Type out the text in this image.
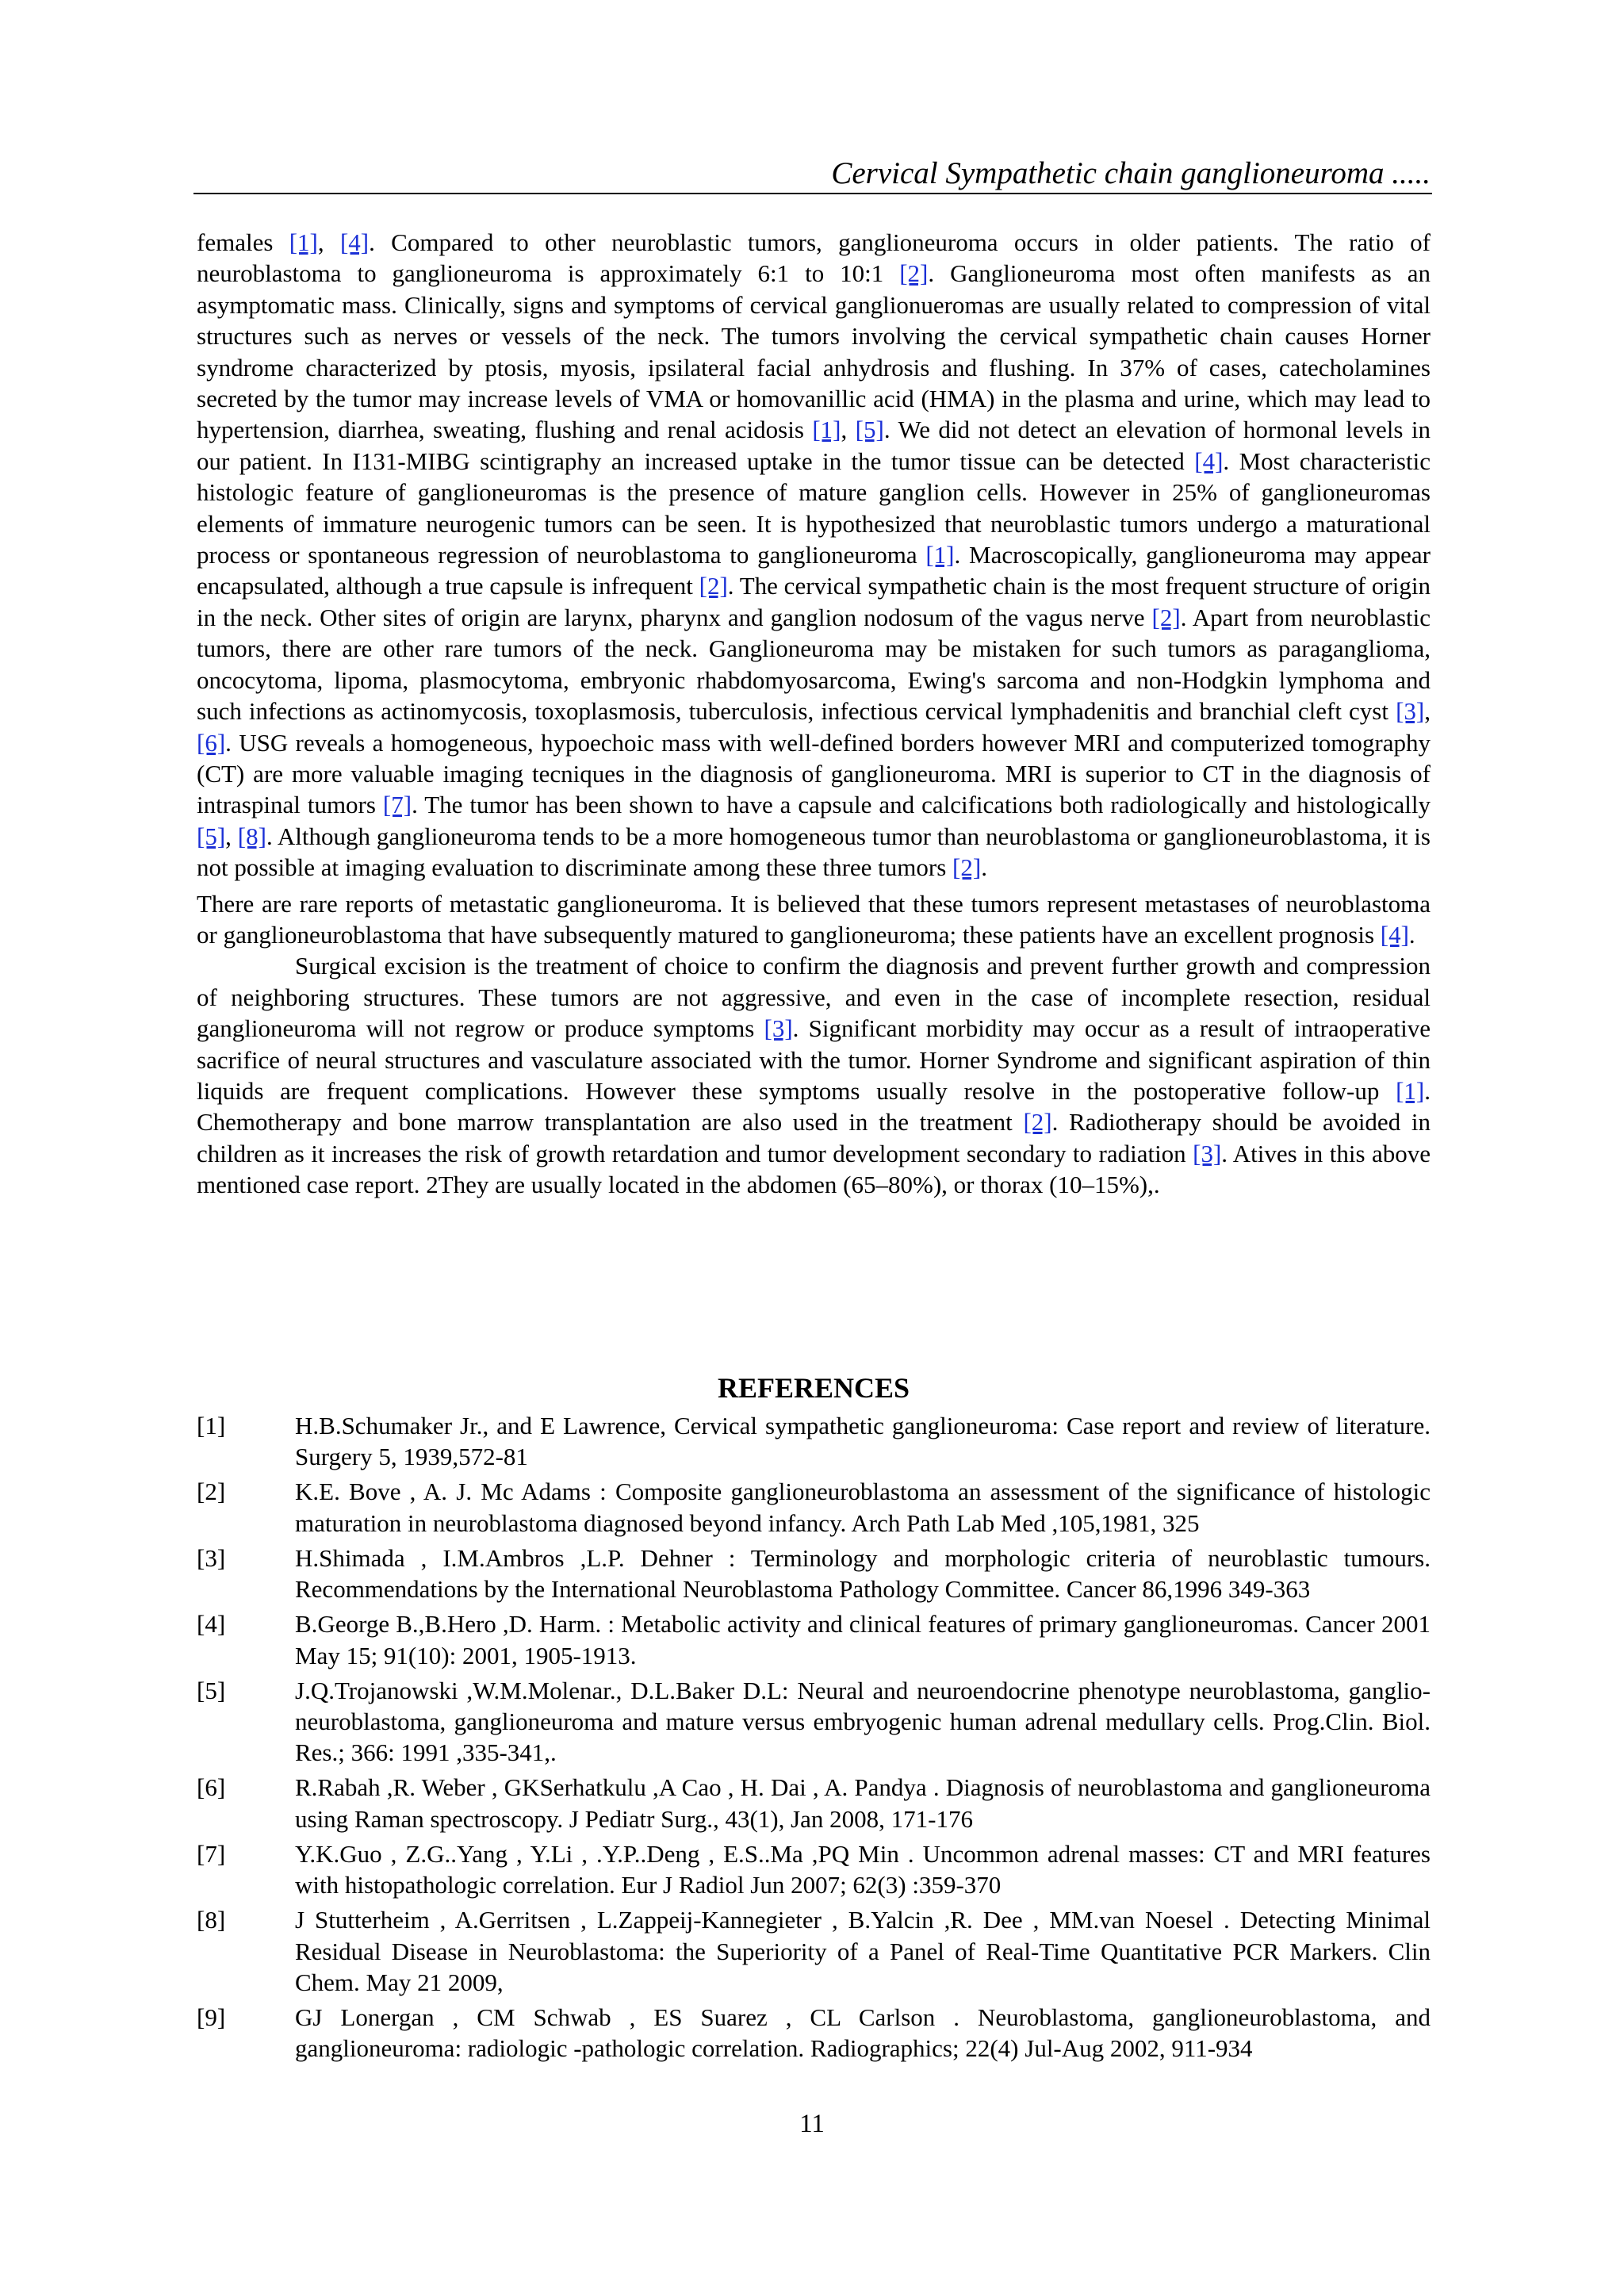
Cervical Sympathetic chain ganglioneuroma .....

females [1], [4]. Compared to other neuroblastic tumors, ganglioneuroma occurs in older patients. The ratio of neuroblastoma to ganglioneuroma is approximately 6:1 to 10:1 [2]. Ganglioneuroma most often manifests as an asymptomatic mass. Clinically, signs and symptoms of cervical ganglionueromas are usually related to compression of vital structures such as nerves or vessels of the neck. The tumors involving the cervical sympathetic chain causes Horner syndrome characterized by ptosis, myosis, ipsilateral facial anhydrosis and flushing. In 37% of cases, catecholamines secreted by the tumor may increase levels of VMA or homovanillic acid (HMA) in the plasma and urine, which may lead to hypertension, diarrhea, sweating, flushing and renal acidosis [1], [5]. We did not detect an elevation of hormonal levels in our patient. In I131-MIBG scintigraphy an increased uptake in the tumor tissue can be detected [4]. Most characteristic histologic feature of ganglioneuromas is the presence of mature ganglion cells. However in 25% of ganglioneuromas elements of immature neurogenic tumors can be seen. It is hypothesized that neuroblastic tumors undergo a maturational process or spontaneous regression of neuroblastoma to ganglioneuroma [1]. Macroscopically, ganglioneuroma may appear encapsulated, although a true capsule is infrequent [2]. The cervical sympathetic chain is the most frequent structure of origin in the neck. Other sites of origin are larynx, pharynx and ganglion nodosum of the vagus nerve [2]. Apart from neuroblastic tumors, there are other rare tumors of the neck. Ganglioneuroma may be mistaken for such tumors as paraganglioma, oncocytoma, lipoma, plasmocytoma, embryonic rhabdomyosarcoma, Ewing's sarcoma and non-Hodgkin lymphoma and such infections as actinomycosis, toxoplasmosis, tuberculosis, infectious cervical lymphadenitis and branchial cleft cyst [3], [6]. USG reveals a homogeneous, hypoechoic mass with well-defined borders however MRI and computerized tomography (CT) are more valuable imaging tecniques in the diagnosis of ganglioneuroma. MRI is superior to CT in the diagnosis of intraspinal tumors [7]. The tumor has been shown to have a capsule and calcifications both radiologically and histologically [5], [8]. Although ganglioneuroma tends to be a more homogeneous tumor than neuroblastoma or ganglioneuroblastoma, it is not possible at imaging evaluation to discriminate among these three tumors [2].

There are rare reports of metastatic ganglioneuroma. It is believed that these tumors represent metastases of neuroblastoma or ganglioneuroblastoma that have subsequently matured to ganglioneuroma; these patients have an excellent prognosis [4].

Surgical excision is the treatment of choice to confirm the diagnosis and prevent further growth and compression of neighboring structures. These tumors are not aggressive, and even in the case of incomplete resection, residual ganglioneuroma will not regrow or produce symptoms [3]. Significant morbidity may occur as a result of intraoperative sacrifice of neural structures and vasculature associated with the tumor. Horner Syndrome and significant aspiration of thin liquids are frequent complications. However these symptoms usually resolve in the postoperative follow-up [1]. Chemotherapy and bone marrow transplantation are also used in the treatment [2]. Radiotherapy should be avoided in children as it increases the risk of growth retardation and tumor development secondary to radiation [3]. Atives in this above mentioned case report. 2They are usually located in the abdomen (65–80%), or thorax (10–15%),.

REFERENCES
[1]	H.B.Schumaker Jr., and E Lawrence, Cervical sympathetic ganglioneuroma: Case report and review of literature. Surgery 5, 1939,572-81
[2]	K.E. Bove , A. J. Mc Adams : Composite ganglioneuroblastoma an assessment of the significance of histologic maturation in neuroblastoma diagnosed beyond infancy. Arch Path Lab Med ,105,1981, 325
[3]	H.Shimada , I.M.Ambros ,L.P. Dehner : Terminology and morphologic criteria of neuroblastic tumours. Recommendations by the International Neuroblastoma Pathology Committee. Cancer 86,1996 349-363
[4]	B.George B.,B.Hero ,D. Harm. : Metabolic activity and clinical features of primary ganglioneuromas. Cancer 2001 May 15; 91(10): 2001, 1905-1913.
[5]	J.Q.Trojanowski ,W.M.Molenar., D.L.Baker D.L: Neural and neuroendocrine phenotype neuroblastoma, ganglio-neuroblastoma, ganglioneuroma and mature versus embryogenic human adrenal medullary cells. Prog.Clin. Biol. Res.; 366: 1991 ,335-341,.
[6]	R.Rabah ,R. Weber , GKSerhatkulu ,A Cao , H. Dai , A. Pandya . Diagnosis of neuroblastoma and ganglioneuroma using Raman spectroscopy. J Pediatr Surg., 43(1), Jan 2008, 171-176
[7]	Y.K.Guo , Z.G..Yang , Y.Li , .Y.P..Deng , E.S..Ma ,PQ Min . Uncommon adrenal masses: CT and MRI features with histopathologic correlation. Eur J Radiol Jun 2007; 62(3) :359-370
[8]	J Stutterheim , A.Gerritsen , L.Zappeij-Kannegieter , B.Yalcin ,R. Dee , MM.van Noesel . Detecting Minimal Residual Disease in Neuroblastoma: the Superiority of a Panel of Real-Time Quantitative PCR Markers. Clin Chem. May 21 2009,
[9]	GJ Lonergan , CM Schwab , ES Suarez , CL Carlson . Neuroblastoma, ganglioneuroblastoma, and ganglioneuroma: radiologic -pathologic correlation. Radiographics; 22(4) Jul-Aug 2002, 911-934
11
